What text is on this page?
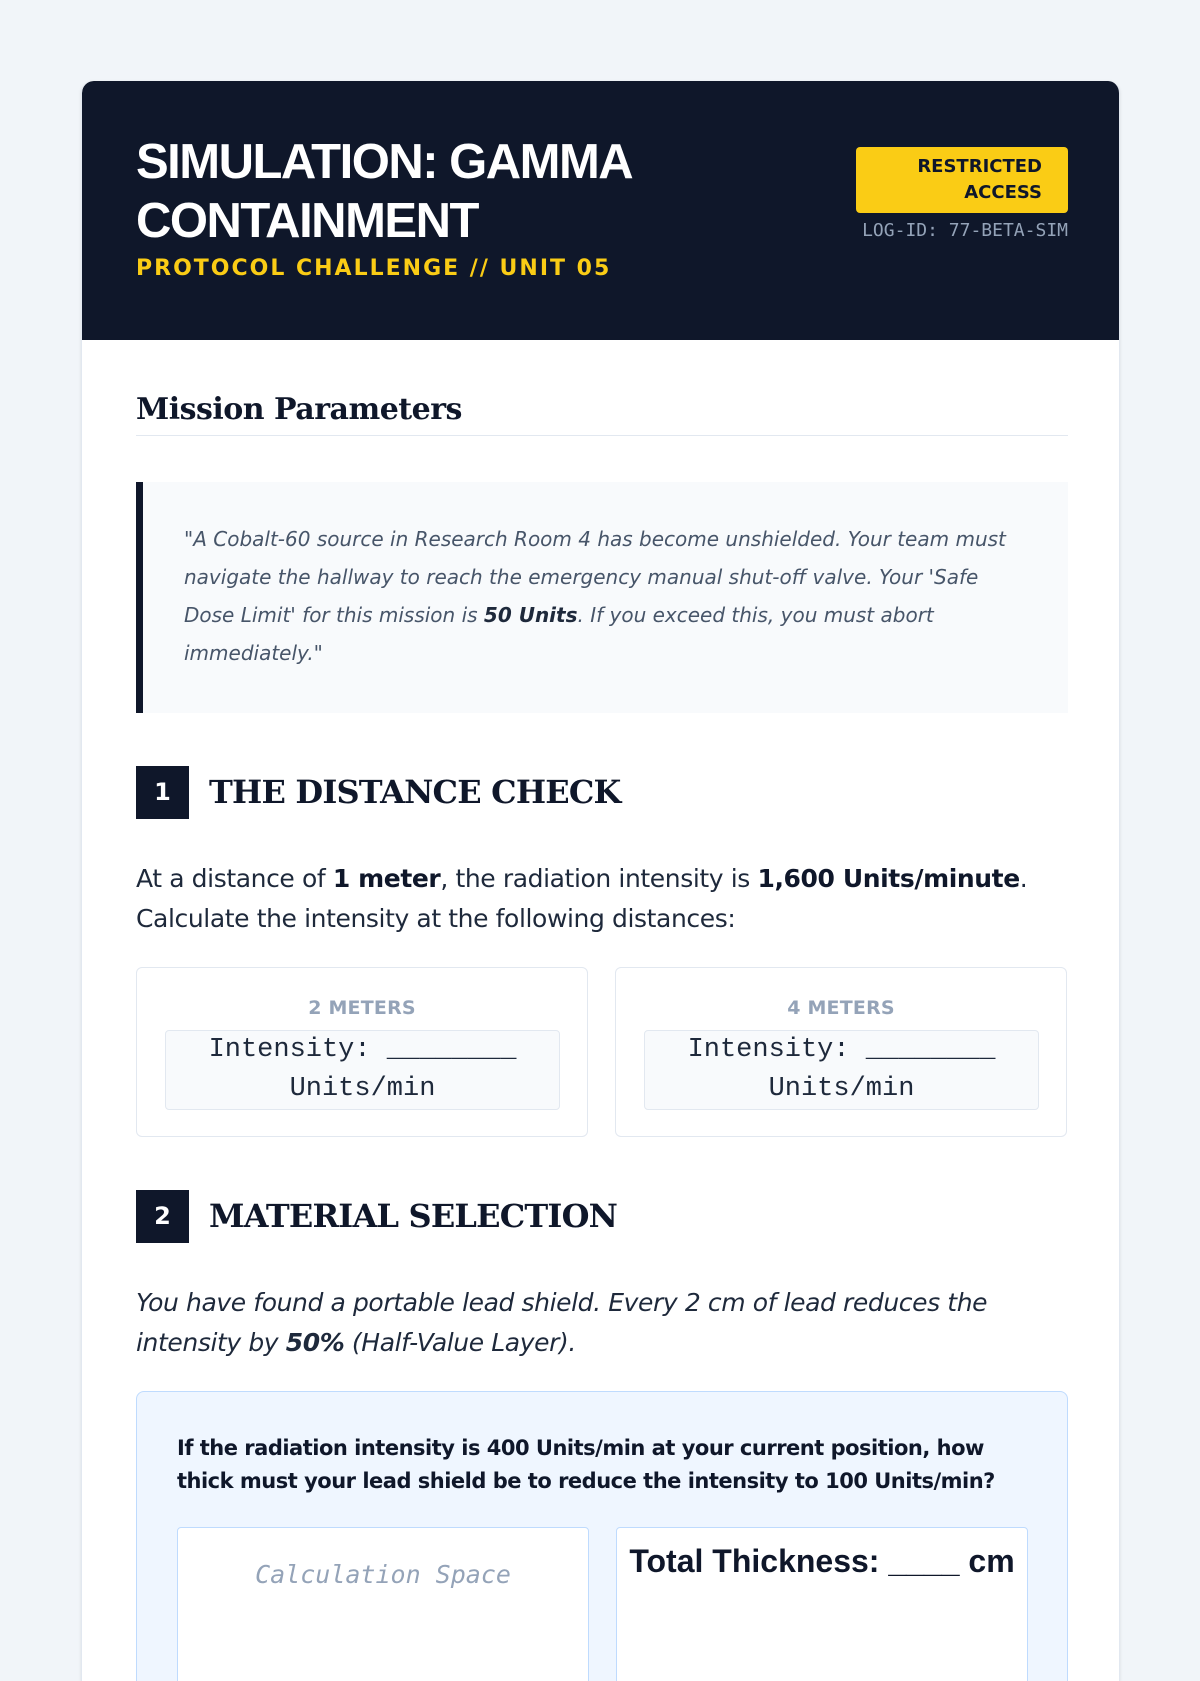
SIMULATION: GAMMA CONTAINMENT
PROTOCOL CHALLENGE // UNIT 05
RESTRICTED ACCESS
LOG-ID: 77-BETA-SIM
Mission Parameters
"A Cobalt-60 source in Research Room 4 has become unshielded. Your team must navigate the hallway to reach the emergency manual shut-off valve. Your 'Safe Dose Limit' for this mission is 50 Units. If you exceed this, you must abort immediately."
1	THE DISTANCE CHECK
At a distance of 1 meter, the radiation intensity is 1,600 Units/minute. Calculate the intensity at the following distances:
2 METERS
Intensity: ________ Units/min
4 METERS
Intensity: ________ Units/min
2	MATERIAL SELECTION
You have found a portable lead shield. Every 2 cm of lead reduces the intensity by 50% (Half-Value Layer).
If the radiation intensity is 400 Units/min at your current position, how thick must your lead shield be to reduce the intensity to 100 Units/min?
Calculation Space	Total Thickness: ____ cm
